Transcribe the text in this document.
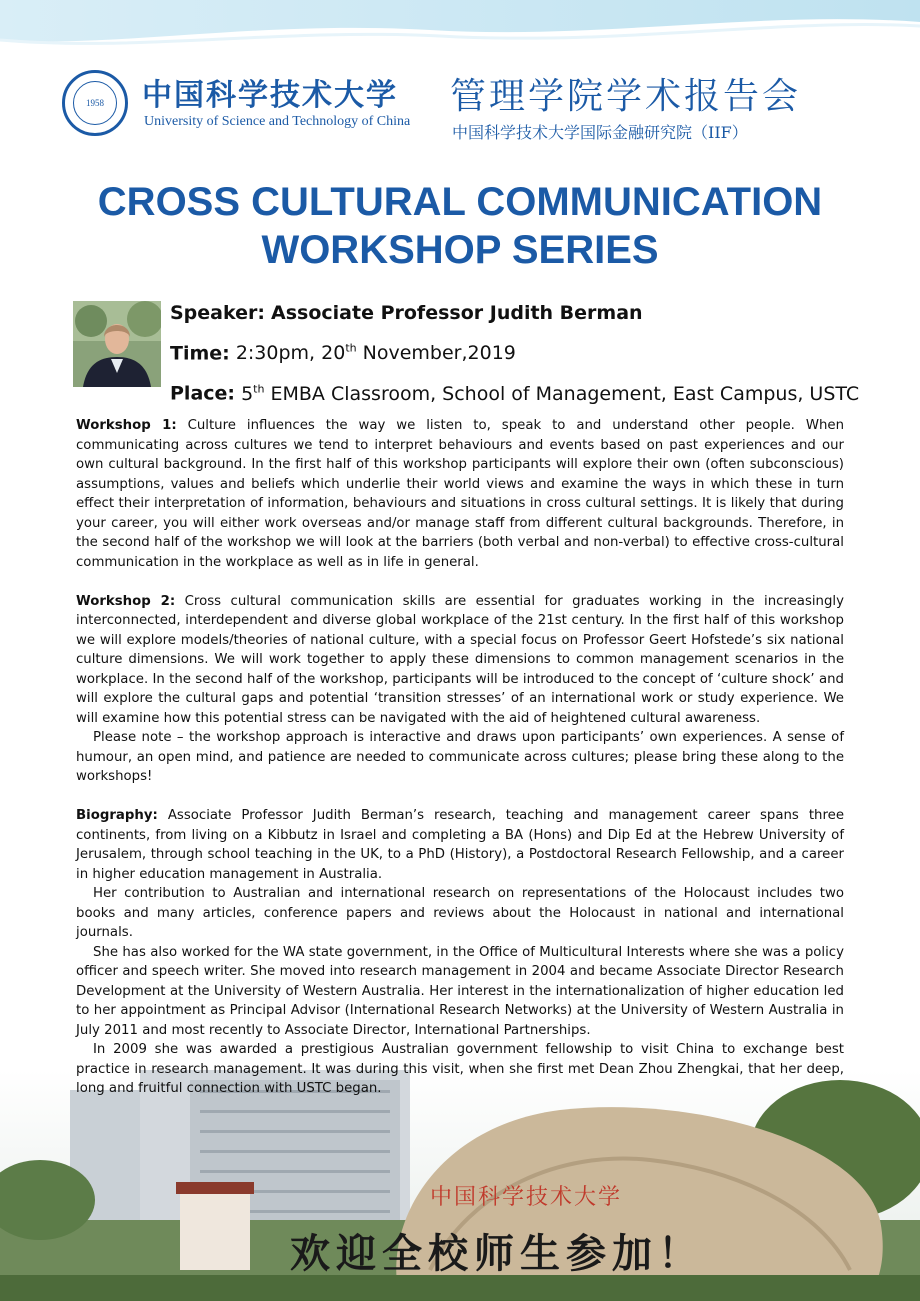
1958	中国科学技术大学
University of Science and Technology of China
管理学院学术报告会
中国科学技术大学国际金融研究院（IIF）
CROSS CULTURAL COMMUNICATION
WORKSHOP SERIES
Speaker: Associate Professor Judith Berman
Time: 2:30pm, 20th November,2019
Place: 5th EMBA Classroom, School of Management, East Campus, USTC
中国科学技术大学
欢迎全校师生参加！

Workshop 1: Culture influences the way we listen to, speak to and understand other people. When communicating across cultures we tend to interpret behaviours and events based on past experiences and our own cultural background. In the first half of this workshop participants will explore their own (often subconscious) assumptions, values and beliefs which underlie their world views and examine the ways in which these in turn effect their interpretation of information, behaviours and situations in cross cultural settings. It is likely that during your career, you will either work overseas and/or manage staff from different cultural backgrounds. Therefore, in the second half of the workshop we will look at the barriers (both verbal and non-verbal) to effective cross-cultural communication in the workplace as well as in life in general.

Workshop 2: Cross cultural communication skills are essential for graduates working in the increasingly interconnected, interdependent and diverse global workplace of the 21st century. In the first half of this workshop we will explore models/theories of national culture, with a special focus on Professor Geert Hofstede’s six national culture dimensions. We will work together to apply these dimensions to common management scenarios in the workplace. In the second half of the workshop, participants will be introduced to the concept of ‘culture shock’ and will explore the cultural gaps and potential ‘transition stresses’ of an international work or study experience. We will examine how this potential stress can be navigated with the aid of heightened cultural awareness.

Please note – the workshop approach is interactive and draws upon participants’ own experiences. A sense of humour, an open mind, and patience are needed to communicate across cultures; please bring these along to the workshops!

Biography: Associate Professor Judith Berman’s research, teaching and management career spans three continents, from living on a Kibbutz in Israel and completing a BA (Hons) and Dip Ed at the Hebrew University of Jerusalem, through school teaching in the UK, to a PhD (History), a Postdoctoral Research Fellowship, and a career in higher education management in Australia.

Her contribution to Australian and international research on representations of the Holocaust includes two books and many articles, conference papers and reviews about the Holocaust in national and international journals.

She has also worked for the WA state government, in the Office of Multicultural Interests where she was a policy officer and speech writer. She moved into research management in 2004 and became Associate Director Research Development at the University of Western Australia. Her interest in the internationalization of higher education led to her appointment as Principal Advisor (International Research Networks) at the University of Western Australia in July 2011 and most recently to Associate Director, International Partnerships.

In 2009 she was awarded a prestigious Australian government fellowship to visit China to exchange best practice in research management. It was during this visit, when she first met Dean Zhou Zhengkai, that her deep, long and fruitful connection with USTC began.
